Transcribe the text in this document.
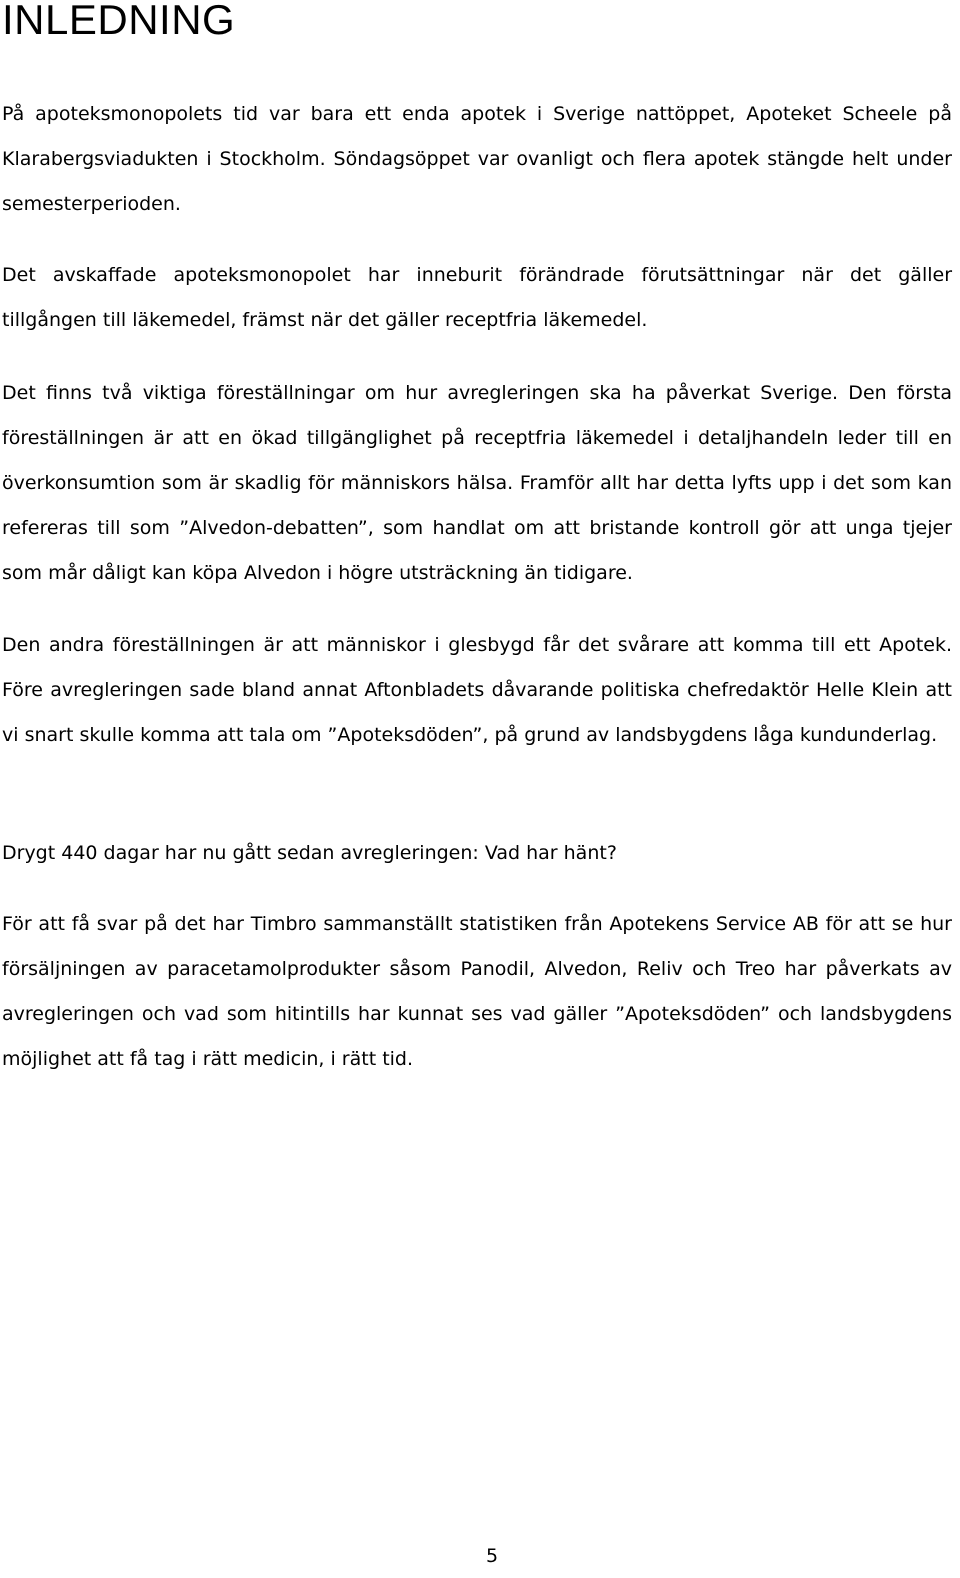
INLEDNING

På apoteksmonopolets tid var bara ett enda apotek i Sverige nattöppet, Apoteket Scheele på Klarabergsviadukten i Stockholm. Söndagsöppet var ovanligt och flera apotek stängde helt under semesterperioden.

Det avskaffade apoteksmonopolet har inneburit förändrade förutsättningar när det gäller tillgången till läkemedel, främst när det gäller receptfria läkemedel.

Det finns två viktiga föreställningar om hur avregleringen ska ha påverkat Sverige. Den första föreställningen är att en ökad tillgänglighet på receptfria läkemedel i detaljhandeln leder till en överkonsumtion som är skadlig för människors hälsa. Framför allt har detta lyfts upp i det som kan refereras till som ”Alvedon-debatten”, som handlat om att bristande kontroll gör att unga tjejer som mår dåligt kan köpa Alvedon i högre utsträckning än tidigare.

Den andra föreställningen är att människor i glesbygd får det svårare att komma till ett Apotek. Före avregleringen sade bland annat Aftonbladets dåvarande politiska chefredaktör Helle Klein att vi snart skulle komma att tala om ”Apoteksdöden”, på grund av landsbygdens låga kundunderlag.

Drygt 440 dagar har nu gått sedan avregleringen: Vad har hänt?

För att få svar på det har Timbro sammanställt statistiken från Apotekens Service AB för att se hur försäljningen av paracetamolprodukter såsom Panodil, Alvedon, Reliv och Treo har påverkats av avregleringen och vad som hitintills har kunnat ses vad gäller ”Apoteksdöden” och landsbygdens möjlighet att få tag i rätt medicin, i rätt tid.

5
